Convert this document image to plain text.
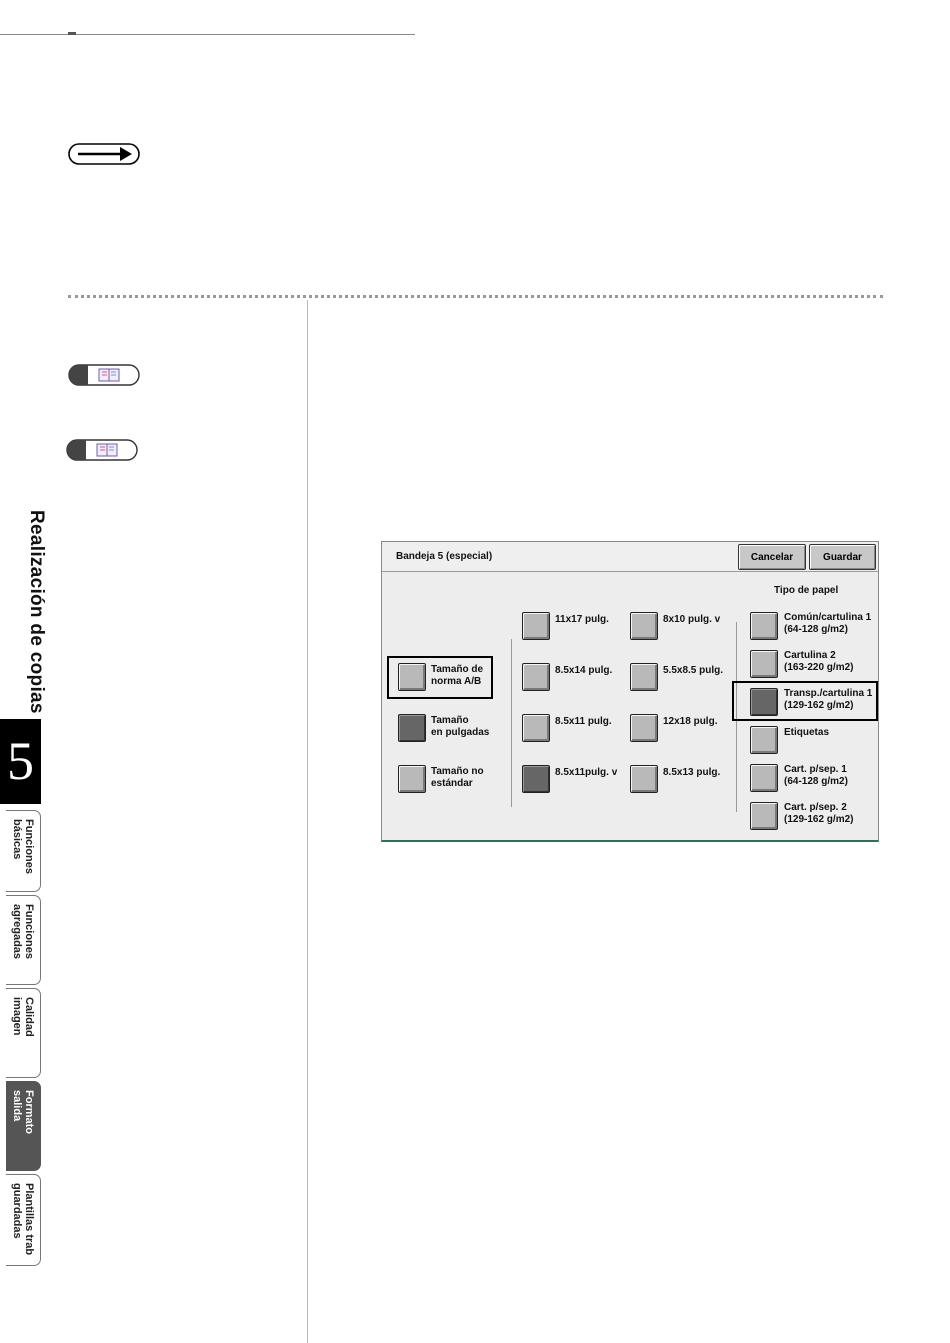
Realización de copias
5
Funciones
básicas
Funciones
agregadas
Calidad
imagen
Formato
salida
Plantillas trab
guardadas
Bandeja 5 (especial)	Cancelar	Guardar
Tipo de papel
Tamaño de
norma A/B
Tamaño
en pulgadas
Tamaño no
estándar
11x17 pulg.
8.5x14 pulg.
8.5x11 pulg.
8.5x11pulg. v
8x10 pulg. v
5.5x8.5 pulg.
12x18 pulg.
8.5x13 pulg.
Común/cartulina 1
(64-128 g/m2)
Cartulina 2
(163-220 g/m2)
Transp./cartulina 1
(129-162 g/m2)
Etiquetas
Cart. p/sep. 1
(64-128 g/m2)
Cart. p/sep. 2
(129-162 g/m2)
